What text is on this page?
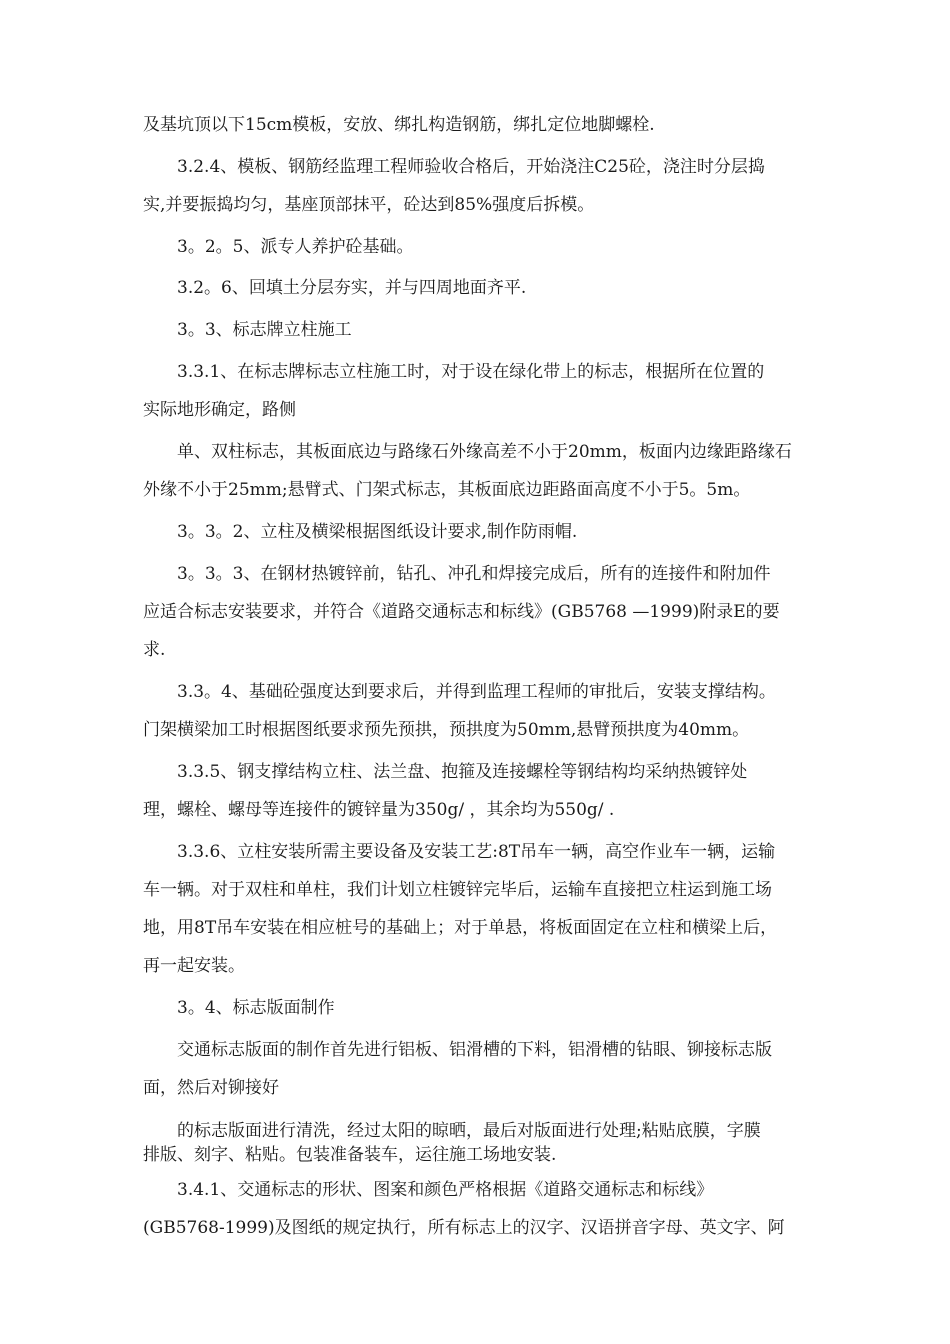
及基坑顶以下15cm模板，安放、绑扎构造钢筋，绑扎定位地脚螺栓.
3.2.4、模板、钢筋经监理工程师验收合格后，开始浇注C25砼，浇注时分层捣
实,并要振捣均匀，基座顶部抹平，砼达到85%强度后拆模。
3。2。5、派专人养护砼基础。
3.2。6、回填土分层夯实，并与四周地面齐平.
3。3、标志牌立柱施工
3.3.1、在标志牌标志立柱施工时，对于设在绿化带上的标志，根据所在位置的
实际地形确定，路侧
单、双柱标志，其板面底边与路缘石外缘高差不小于20mm，板面内边缘距路缘石
外缘不小于25mm;悬臂式、门架式标志，其板面底边距路面高度不小于5。5m。
3。3。2、立柱及横梁根据图纸设计要求,制作防雨帽.
3。3。3、在钢材热镀锌前，钻孔、冲孔和焊接完成后，所有的连接件和附加件
应适合标志安装要求，并符合《道路交通标志和标线》(GB5768 —1999)附录E的要
求.
3.3。4、基础砼强度达到要求后，并得到监理工程师的审批后，安装支撑结构。
门架横梁加工时根据图纸要求预先预拱，预拱度为50mm,悬臂预拱度为40mm。
3.3.5、钢支撑结构立柱、法兰盘、抱箍及连接螺栓等钢结构均采纳热镀锌处
理，螺栓、螺母等连接件的镀锌量为350g/ ，其余均为550g/ .
3.3.6、立柱安装所需主要设备及安装工艺:8T吊车一辆，高空作业车一辆，运输
车一辆。对于双柱和单柱，我们计划立柱镀锌完毕后，运输车直接把立柱运到施工场
地，用8T吊车安装在相应桩号的基础上；对于单悬，将板面固定在立柱和横梁上后，
再一起安装。
3。4、标志版面制作
交通标志版面的制作首先进行铝板、铝滑槽的下料，铝滑槽的钻眼、铆接标志版
面，然后对铆接好
的标志版面进行清洗，经过太阳的晾晒，最后对版面进行处理;粘贴底膜，字膜
排版、刻字、粘贴。包装准备装车，运往施工场地安装.
3.4.1、交通标志的形状、图案和颜色严格根据《道路交通标志和标线》
(GB5768-1999)及图纸的规定执行，所有标志上的汉字、汉语拼音字母、英文字、阿
